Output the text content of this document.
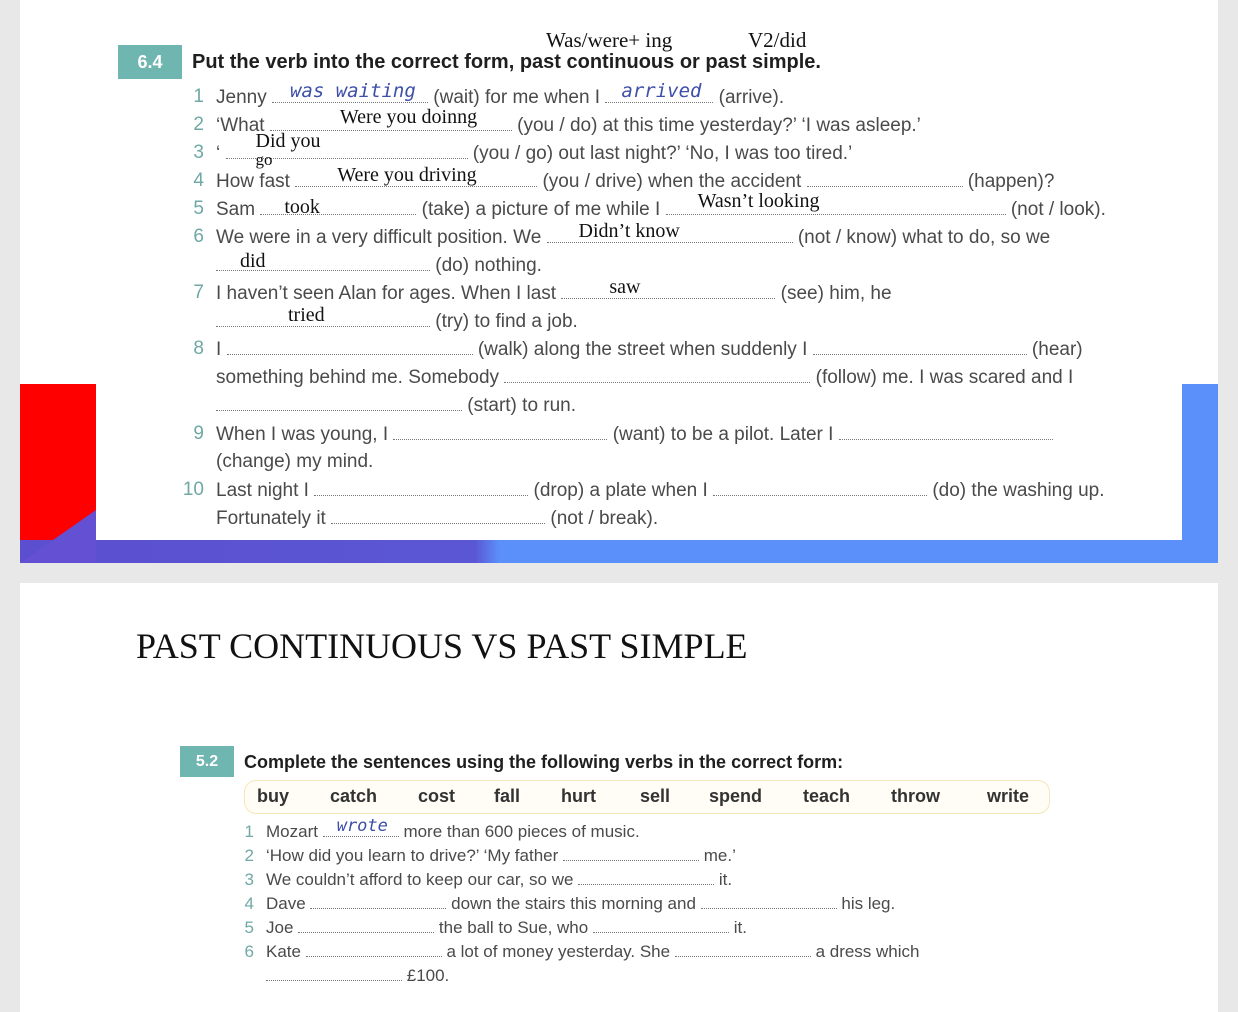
Was/were+ ing	V2/did
6.4	Put the verb into the correct form, past continuous or past simple.
1 Jenny was waiting (wait) for me when I arrived (arrive).
2 ‘What	Were you doinng (you / do) at this time yesterday?’ ‘I was asleep.’
3 ‘
Did you
go	(you / go) out last night?’ ‘No, I was too tired.’
4 How fast Were you driving	(you / drive) when the accident	(happen)?
5 Sam took	(take) a picture of me while I Wasn’t looking	(not / look).
6 We were in a very difficult position. We Didn’t know	(not / know) what to do, so we
did	(do) nothing.
7 I haven’t seen Alan for ages. When I last	saw	(see) him, he
tried	(try) to find a job.
8 I	(walk) along the street when suddenly I	(hear)
something behind me. Somebody	(follow) me. I was scared and I
(start) to run.
9 When I was young, I	(want) to be a pilot. Later I
(change) my mind.
10 Last night I	(drop) a plate when I	(do) the washing up.
Fortunately it	(not / break).
PAST CONTINUOUS VS PAST SIMPLE
5.2	Complete the sentences using the following verbs in the correct form:
buy catch cost fall hurt sell spend teach throw	write
1 Mozart wrote more than 600 pieces of music.
2 ‘How did you learn to drive?’ ‘My father	me.’
3 We couldn’t afford to keep our car, so we	it.
4 Dave	down the stairs this morning and	his leg.
5 Joe	the ball to Sue, who	it.
6 Kate	a lot of money yesterday. She	a dress which
£100.
